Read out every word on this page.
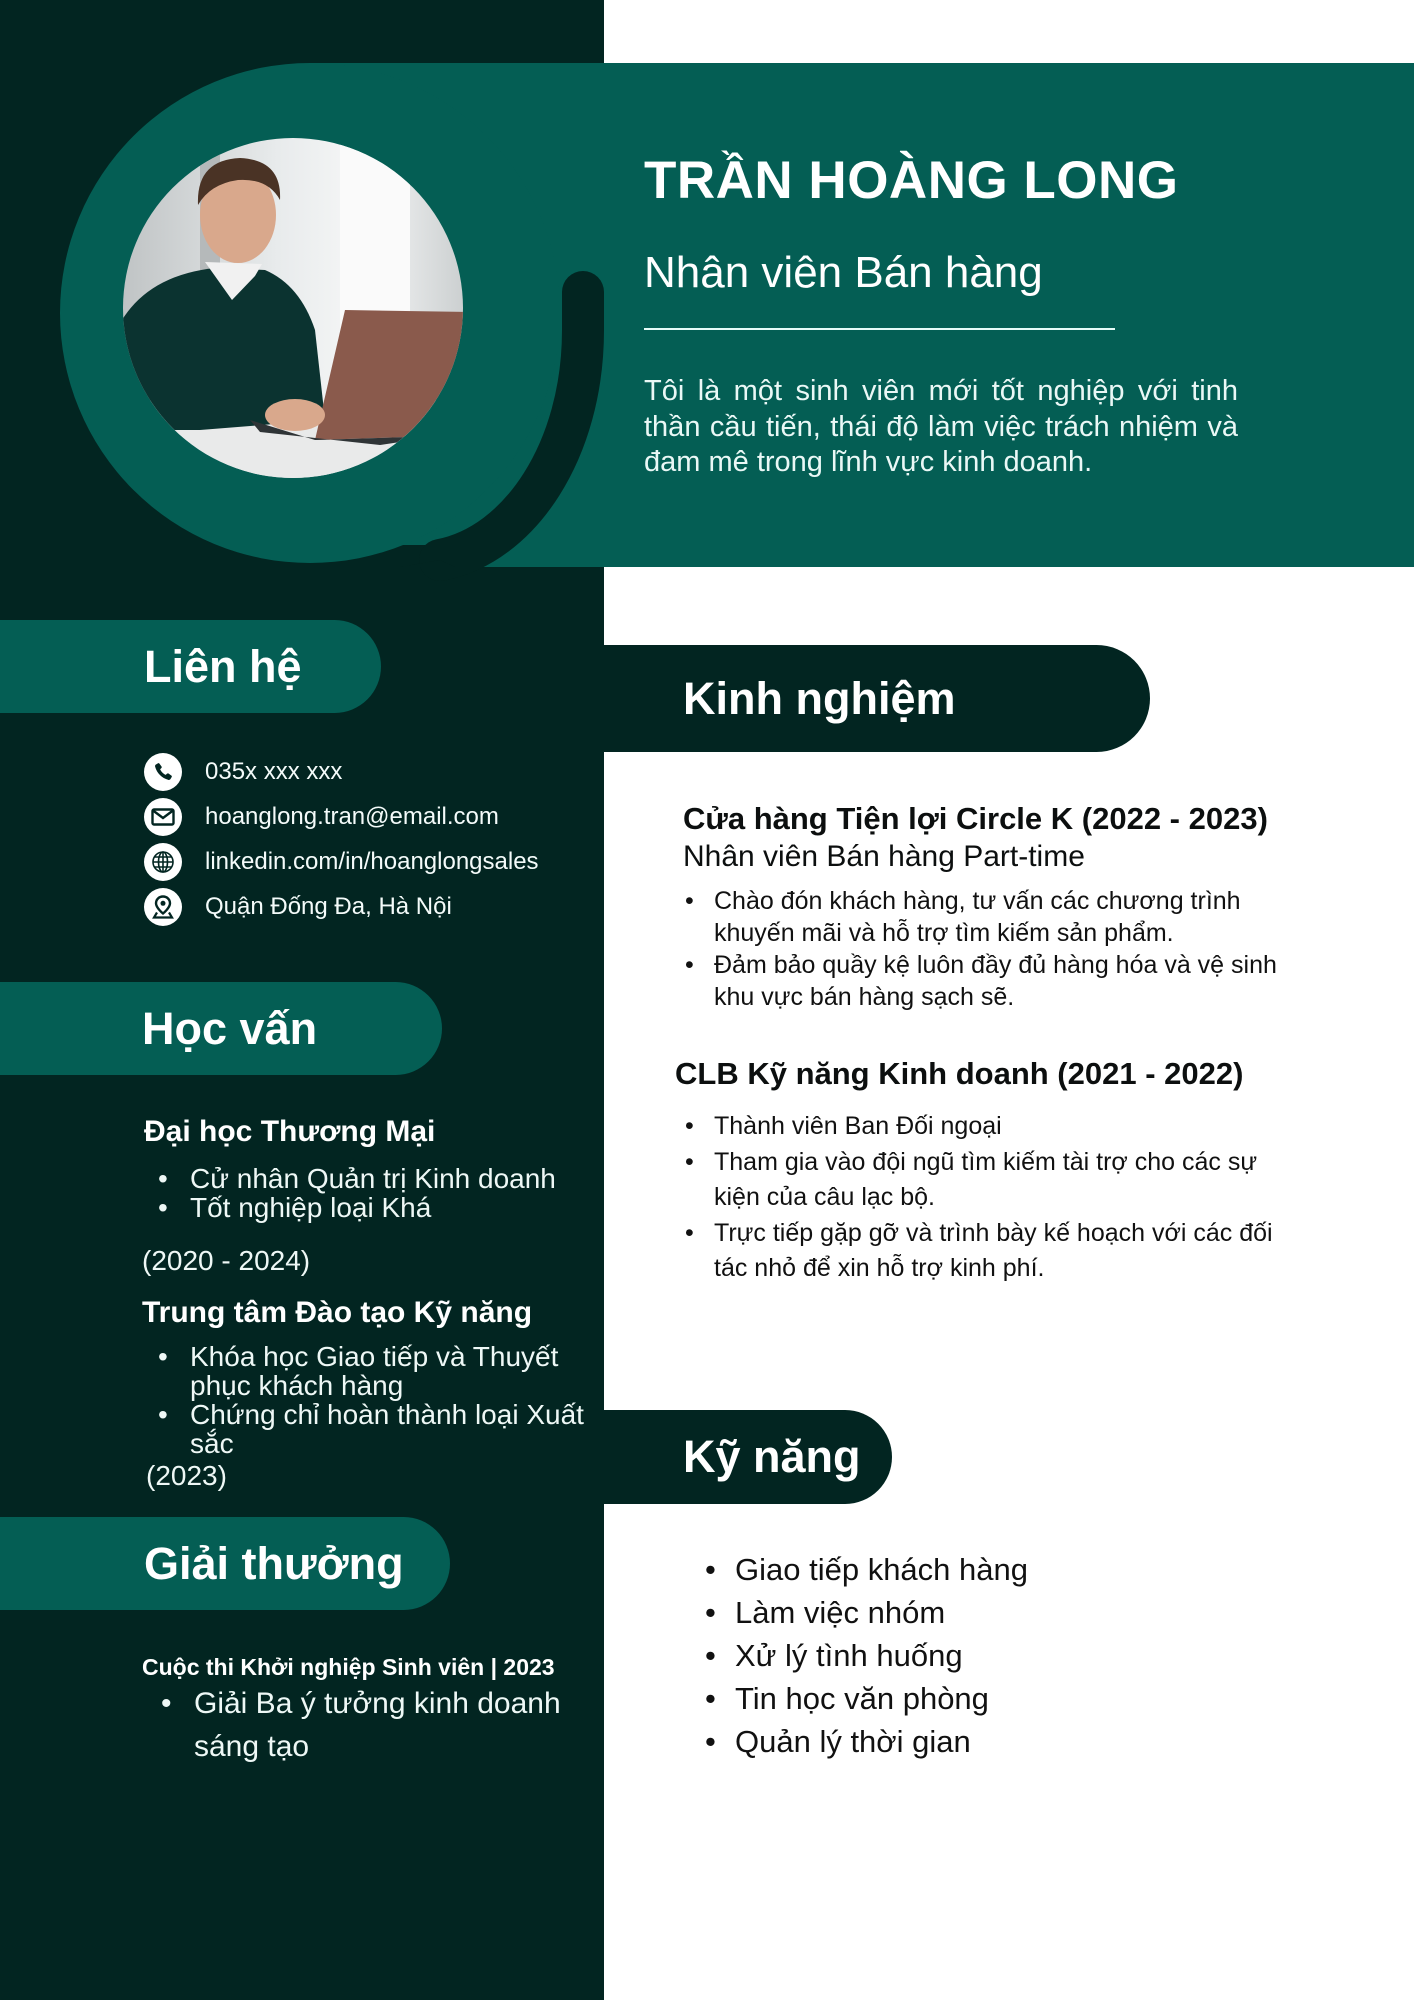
TRẦN HOÀNG LONG
Nhân viên Bán hàng
Tôi là một sinh viên mới tốt nghiệp với tinh thần cầu tiến, thái độ làm việc trách nhiệm và đam mê trong lĩnh vực kinh doanh.
Liên hệ
035x xxx xxx
hoanglong.tran@email.com
linkedin.com/in/hoanglongsales
Quận Đống Đa, Hà Nội
Học vấn
Đại học Thương Mại
• Cử nhân Quản trị Kinh doanh
• Tốt nghiệp loại Khá
(2020 - 2024)
Trung tâm Đào tạo Kỹ năng
• Khóa học Giao tiếp và Thuyết phục khách hàng
• Chứng chỉ hoàn thành loại Xuất sắc
(2023)
Giải thưởng
Cuộc thi Khởi nghiệp Sinh viên | 2023
• Giải Ba ý tưởng kinh doanh sáng tạo
Kinh nghiệm
Cửa hàng Tiện lợi Circle K (2022 - 2023)
Nhân viên Bán hàng Part-time
• Chào đón khách hàng, tư vấn các chương trình khuyến mãi và hỗ trợ tìm kiếm sản phẩm.
• Đảm bảo quầy kệ luôn đầy đủ hàng hóa và vệ sinh khu vực bán hàng sạch sẽ.
CLB Kỹ năng Kinh doanh (2021 - 2022)
• Thành viên Ban Đối ngoại
• Tham gia vào đội ngũ tìm kiếm tài trợ cho các sự kiện của câu lạc bộ.
• Trực tiếp gặp gỡ và trình bày kế hoạch với các đối tác nhỏ để xin hỗ trợ kinh phí.
Kỹ năng
• Giao tiếp khách hàng
• Làm việc nhóm
• Xử lý tình huống
• Tin học văn phòng
• Quản lý thời gian
